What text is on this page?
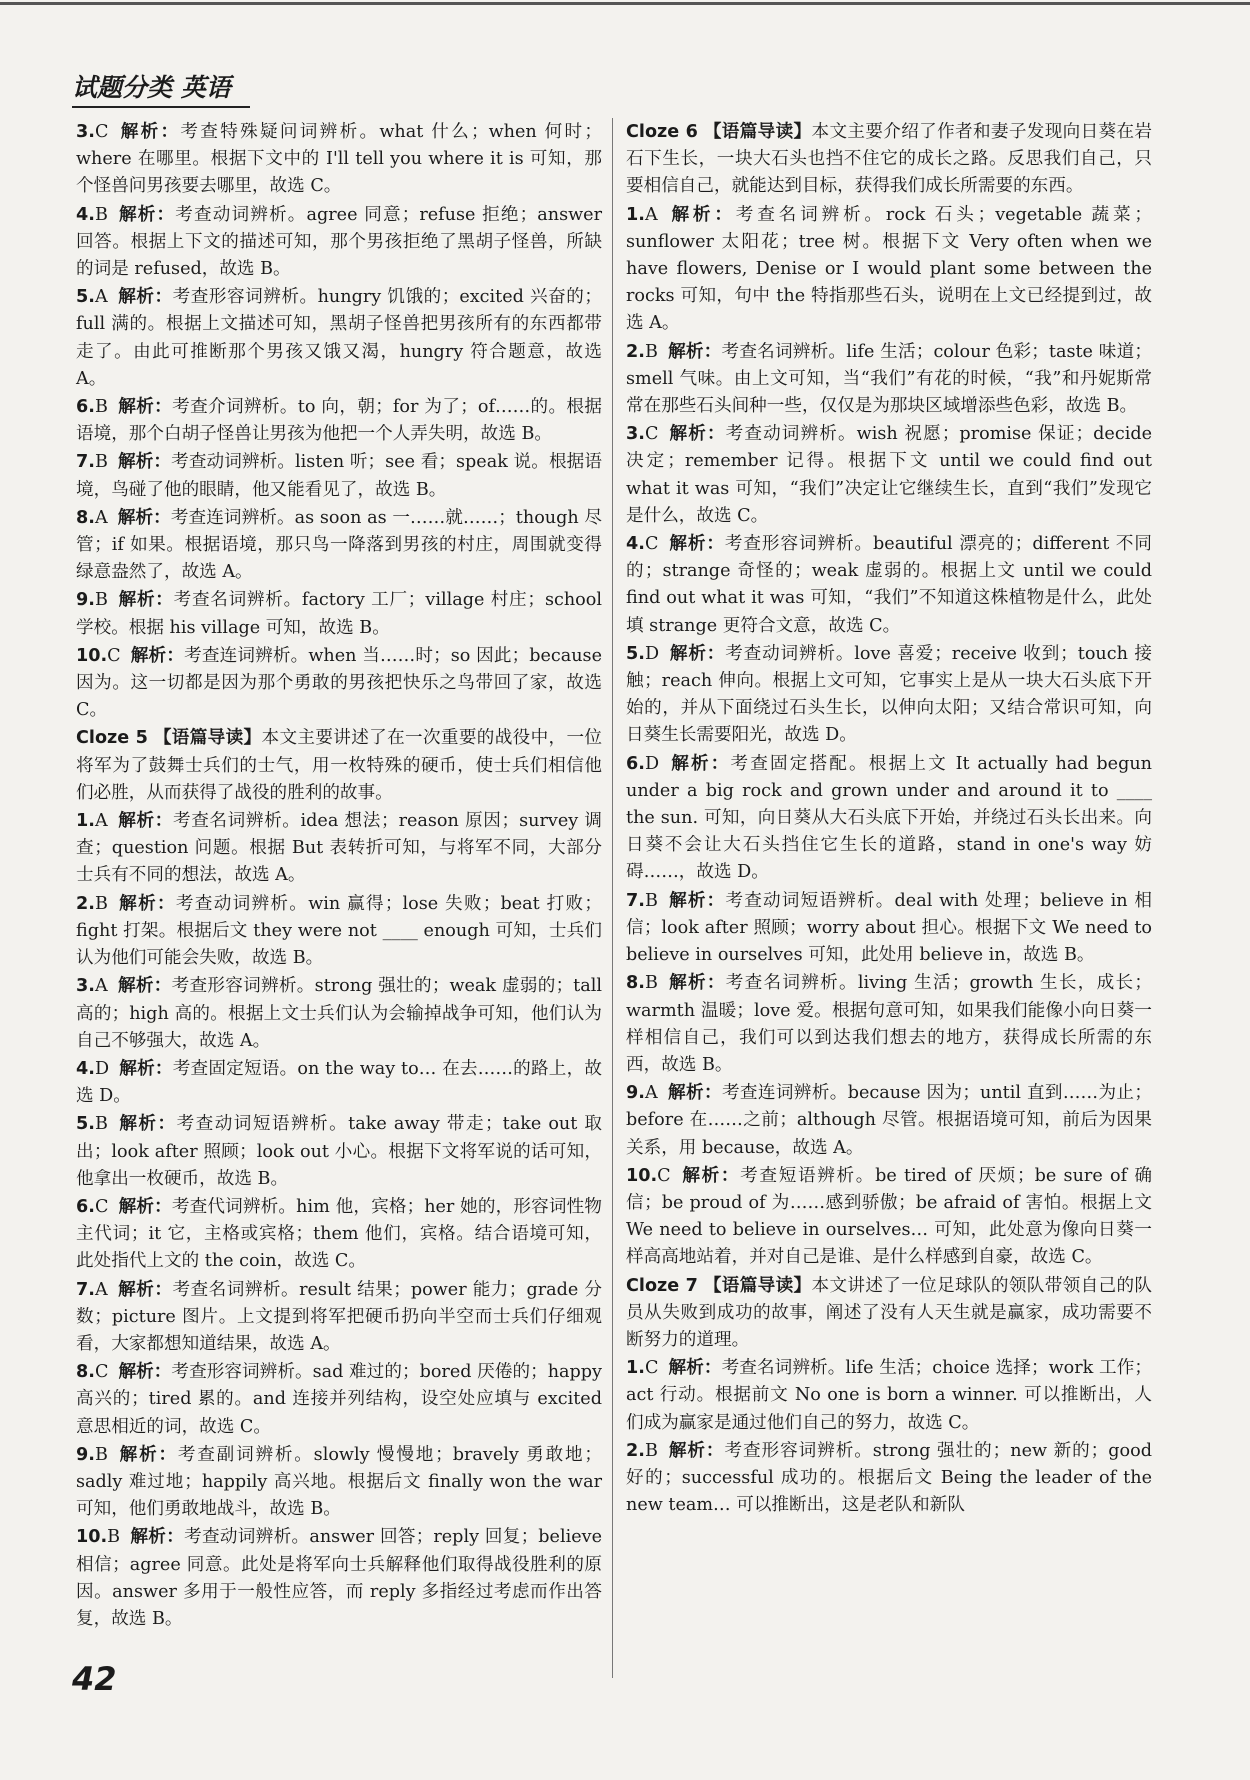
试题分类 英语

3.C 解析：考查特殊疑问词辨析。what 什么；when 何时；where 在哪里。根据下文中的 I'll tell you where it is 可知，那个怪兽问男孩要去哪里，故选 C。

4.B 解析：考查动词辨析。agree 同意；refuse 拒绝；answer 回答。根据上下文的描述可知，那个男孩拒绝了黑胡子怪兽，所缺的词是 refused，故选 B。

5.A 解析：考查形容词辨析。hungry 饥饿的；excited 兴奋的；full 满的。根据上文描述可知，黑胡子怪兽把男孩所有的东西都带走了。由此可推断那个男孩又饿又渴，hungry 符合题意，故选 A。

6.B 解析：考查介词辨析。to 向，朝；for 为了；of……的。根据语境，那个白胡子怪兽让男孩为他把一个人弄失明，故选 B。

7.B 解析：考查动词辨析。listen 听；see 看；speak 说。根据语境，鸟碰了他的眼睛，他又能看见了，故选 B。

8.A 解析：考查连词辨析。as soon as 一……就……；though 尽管；if 如果。根据语境，那只鸟一降落到男孩的村庄，周围就变得绿意盎然了，故选 A。

9.B 解析：考查名词辨析。factory 工厂；village 村庄；school 学校。根据 his village 可知，故选 B。

10.C 解析：考查连词辨析。when 当……时；so 因此；because 因为。这一切都是因为那个勇敢的男孩把快乐之鸟带回了家，故选 C。

Cloze 5 【语篇导读】本文主要讲述了在一次重要的战役中，一位将军为了鼓舞士兵们的士气，用一枚特殊的硬币，使士兵们相信他们必胜，从而获得了战役的胜利的故事。

1.A 解析：考查名词辨析。idea 想法；reason 原因；survey 调查；question 问题。根据 But 表转折可知，与将军不同，大部分士兵有不同的想法，故选 A。

2.B 解析：考查动词辨析。win 赢得；lose 失败；beat 打败；fight 打架。根据后文 they were not ____ enough 可知，士兵们认为他们可能会失败，故选 B。

3.A 解析：考查形容词辨析。strong 强壮的；weak 虚弱的；tall 高的；high 高的。根据上文士兵们认为会输掉战争可知，他们认为自己不够强大，故选 A。

4.D 解析：考查固定短语。on the way to… 在去……的路上，故选 D。

5.B 解析：考查动词短语辨析。take away 带走；take out 取出；look after 照顾；look out 小心。根据下文将军说的话可知，他拿出一枚硬币，故选 B。

6.C 解析：考查代词辨析。him 他，宾格；her 她的，形容词性物主代词；it 它，主格或宾格；them 他们，宾格。结合语境可知，此处指代上文的 the coin，故选 C。

7.A 解析：考查名词辨析。result 结果；power 能力；grade 分数；picture 图片。上文提到将军把硬币扔向半空而士兵们仔细观看，大家都想知道结果，故选 A。

8.C 解析：考查形容词辨析。sad 难过的；bored 厌倦的；happy 高兴的；tired 累的。and 连接并列结构，设空处应填与 excited 意思相近的词，故选 C。

9.B 解析：考查副词辨析。slowly 慢慢地；bravely 勇敢地；sadly 难过地；happily 高兴地。根据后文 finally won the war 可知，他们勇敢地战斗，故选 B。

10.B 解析：考查动词辨析。answer 回答；reply 回复；believe 相信；agree 同意。此处是将军向士兵解释他们取得战役胜利的原因。answer 多用于一般性应答，而 reply 多指经过考虑而作出答复，故选 B。

Cloze 6 【语篇导读】本文主要介绍了作者和妻子发现向日葵在岩石下生长，一块大石头也挡不住它的成长之路。反思我们自己，只要相信自己，就能达到目标，获得我们成长所需要的东西。

1.A 解析：考查名词辨析。rock 石头；vegetable 蔬菜；sunflower 太阳花；tree 树。根据下文 Very often when we have flowers, Denise or I would plant some between the rocks 可知，句中 the 特指那些石头，说明在上文已经提到过，故选 A。

2.B 解析：考查名词辨析。life 生活；colour 色彩；taste 味道；smell 气味。由上文可知，当“我们”有花的时候，“我”和丹妮斯常常在那些石头间种一些，仅仅是为那块区域增添些色彩，故选 B。

3.C 解析：考查动词辨析。wish 祝愿；promise 保证；decide 决定；remember 记得。根据下文 until we could find out what it was 可知，“我们”决定让它继续生长，直到“我们”发现它是什么，故选 C。

4.C 解析：考查形容词辨析。beautiful 漂亮的；different 不同的；strange 奇怪的；weak 虚弱的。根据上文 until we could find out what it was 可知，“我们”不知道这株植物是什么，此处填 strange 更符合文意，故选 C。

5.D 解析：考查动词辨析。love 喜爱；receive 收到；touch 接触；reach 伸向。根据上文可知，它事实上是从一块大石头底下开始的，并从下面绕过石头生长，以伸向太阳；又结合常识可知，向日葵生长需要阳光，故选 D。

6.D 解析：考查固定搭配。根据上文 It actually had begun under a big rock and grown under and around it to ____ the sun. 可知，向日葵从大石头底下开始，并绕过石头长出来。向日葵不会让大石头挡住它生长的道路，stand in one's way 妨碍……，故选 D。

7.B 解析：考查动词短语辨析。deal with 处理；believe in 相信；look after 照顾；worry about 担心。根据下文 We need to believe in ourselves 可知，此处用 believe in，故选 B。

8.B 解析：考查名词辨析。living 生活；growth 生长，成长；warmth 温暖；love 爱。根据句意可知，如果我们能像小向日葵一样相信自己，我们可以到达我们想去的地方，获得成长所需的东西，故选 B。

9.A 解析：考查连词辨析。because 因为；until 直到……为止；before 在……之前；although 尽管。根据语境可知，前后为因果关系，用 because，故选 A。

10.C 解析：考查短语辨析。be tired of 厌烦；be sure of 确信；be proud of 为……感到骄傲；be afraid of 害怕。根据上文 We need to believe in ourselves… 可知，此处意为像向日葵一样高高地站着，并对自己是谁、是什么样感到自豪，故选 C。

Cloze 7 【语篇导读】本文讲述了一位足球队的领队带领自己的队员从失败到成功的故事，阐述了没有人天生就是赢家，成功需要不断努力的道理。

1.C 解析：考查名词辨析。life 生活；choice 选择；work 工作；act 行动。根据前文 No one is born a winner. 可以推断出，人们成为赢家是通过他们自己的努力，故选 C。

2.B 解析：考查形容词辨析。strong 强壮的；new 新的；good 好的；successful 成功的。根据后文 Being the leader of the new team… 可以推断出，这是老队和新队

42
